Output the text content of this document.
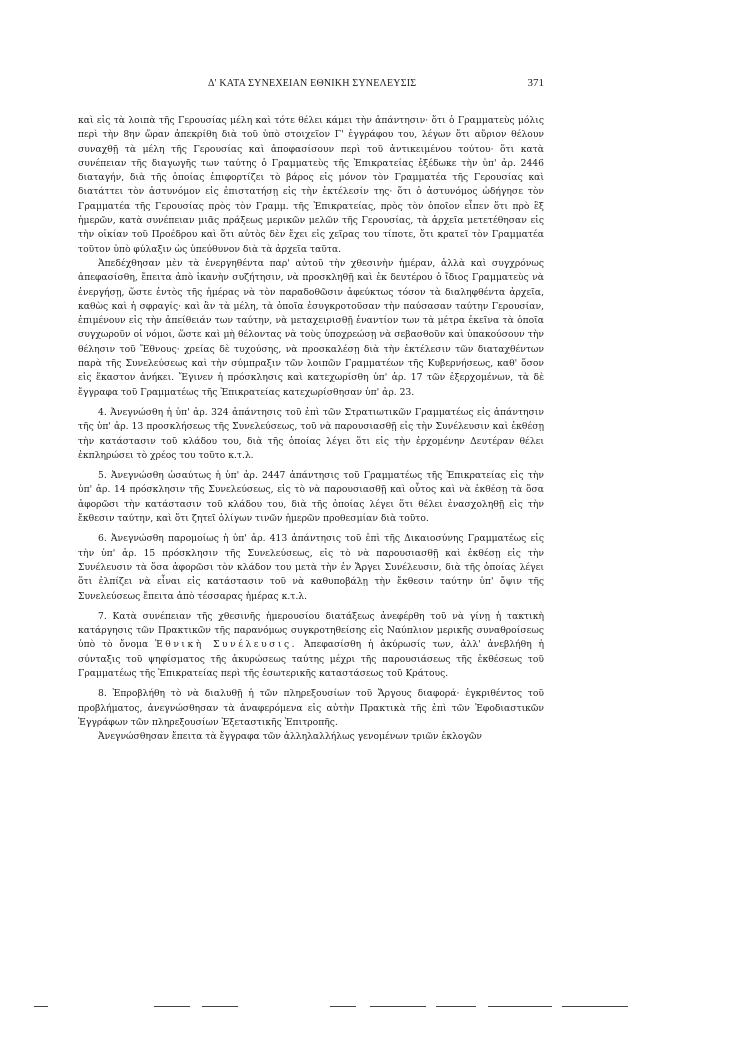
Δ' ΚΑΤΑ ΣΥΝΕΧΕΙΑΝ ΕΘΝΙΚΗ ΣΥΝΕΛΕΥΣΙΣ	371

καὶ εἰς τὰ λοιπὰ τῆς Γερουσίας μέλη καὶ τότε θέλει κάμει τὴν ἀπάντησιν· ὅτι ὁ Γραμματεὺς μόλις περὶ τὴν 8ην ὥραν ἀπεκρίθη διὰ τοῦ ὑπὸ στοιχεῖον Γ' ἐγγράφου του, λέγων ὅτι αὔριον θέλουν συναχθῇ τὰ μέλη τῆς Γερουσίας καὶ ἀποφασίσουν περὶ τοῦ ἀντικειμένου τούτου· ὅτι κατὰ συνέπειαν τῆς διαγωγῆς των ταύτης ὁ Γραμματεὺς τῆς Ἐπικρατείας ἐξέδωκε τὴν ὑπ' ἀρ. 2446 διαταγήν, διὰ τῆς ὁποίας ἐπιφορτίζει τὸ βάρος εἰς μόνον τὸν Γραμματέα τῆς Γερουσίας καὶ διατάττει τὸν ἀστυνόμον εἰς ἐπιστατήσῃ εἰς τὴν ἐκτέλεσίν της· ὅτι ὁ ἀστυνόμος ὡδήγησε τὸν Γραμματέα τῆς Γερουσίας πρὸς τὸν Γραμμ. τῆς Ἐπικρατείας, πρὸς τὸν ὁποῖον εἶπεν ὅτι πρὸ ἓξ ἡμερῶν, κατὰ συνέπειαν μιᾶς πράξεως μερικῶν μελῶν τῆς Γερουσίας, τὰ ἀρχεῖα μετετέθησαν εἰς τὴν οἰκίαν τοῦ Προέδρου καὶ ὅτι αὐτὸς δὲν ἔχει εἰς χεῖρας του τίποτε, ὅτι κρατεῖ τὸν Γραμματέα τοῦτον ὑπὸ φύλαξιν ὡς ὑπεύθυνον διὰ τὰ ἀρχεῖα ταῦτα.

Ἀπεδέχθησαν μὲν τὰ ἐνεργηθέντα παρ' αὐτοῦ τὴν χθεσινὴν ἡμέραν, ἀλλὰ καὶ συγχρόνως ἀπεφασίσθη, ἔπειτα ἀπὸ ἱκανὴν συζήτησιν, νὰ προσκληθῇ καὶ ἐκ δευτέρου ὁ ἴδιος Γραμματεὺς νὰ ἐνεργήσῃ, ὥστε ἐντὸς τῆς ἡμέρας νὰ τὸν παραδοθῶσιν ἀφεύκτως τόσον τὰ διαληφθέντα ἀρχεῖα, καθὼς καὶ ἡ σφραγίς· καὶ ἂν τὰ μέλη, τὰ ὁποῖα ἐσυγκροτοῦσαν τὴν παύσασαν ταύτην Γερουσίαν, ἐπιμένουν εἰς τὴν ἀπείθειάν των ταύτην, νὰ μεταχειρισθῇ ἐναντίον των τὰ μέτρα ἐκεῖνα τὰ ὁποῖα συγχωροῦν οἱ νόμοι, ὥστε καὶ μὴ θέλοντας νὰ τοὺς ὑποχρεώσῃ νὰ σεβασθοῦν καὶ ὑπακούσουν τὴν θέλησιν τοῦ Ἔθνους· χρείας δὲ τυχούσης, νὰ προσκαλέσῃ διὰ τὴν ἐκτέλεσιν τῶν διαταχθέντων παρὰ τῆς Συνελεύσεως καὶ τὴν σύμπραξιν τῶν λοιπῶν Γραμματέων τῆς Κυβερνήσεως, καθ' ὅσον εἰς ἕκαστον ἀνήκει. Ἔγινεν ἡ πρόσκλησις καὶ κατεχωρίσθη ὑπ' ἀρ. 17 τῶν ἐξερχομένων, τὰ δὲ ἔγγραφα τοῦ Γραμματέως τῆς Ἐπικρατείας κατεχωρίσθησαν ὑπ' ἀρ. 23.

4. Ἀνεγνώσθη ἡ ὑπ' ἀρ. 324 ἀπάντησις τοῦ ἐπὶ τῶν Στρατιωτικῶν Γραμματέως εἰς ἀπάντησιν τῆς ὑπ' ἀρ. 13 προσκλήσεως τῆς Συνελεύσεως, τοῦ νὰ παρουσιασθῇ εἰς τὴν Συνέλευσιν καὶ ἐκθέσῃ τὴν κατάστασιν τοῦ κλάδου του, διὰ τῆς ὁποίας λέγει ὅτι εἰς τὴν ἐρχομένην Δευτέραν θέλει ἐκπληρώσει τὸ χρέος του τοῦτο κ.τ.λ.

5. Ἀνεγνώσθη ὡσαύτως ἡ ὑπ' ἀρ. 2447 ἀπάντησις τοῦ Γραμματέως τῆς Ἐπικρατείας εἰς τὴν ὑπ' ἀρ. 14 πρόσκλησιν τῆς Συνελεύσεως, εἰς τὸ νὰ παρουσιασθῇ καὶ οὗτος καὶ νὰ ἐκθέσῃ τὰ ὅσα ἀφορῶσι τὴν κατάστασιν τοῦ κλάδου του, διὰ τῆς ὁποίας λέγει ὅτι θέλει ἐνασχοληθῇ εἰς τὴν ἔκθεσιν ταύτην, καὶ ὅτι ζητεῖ ὀλίγων τινῶν ἡμερῶν προθεσμίαν διὰ τοῦτο.

6. Ἀνεγνώσθη παρομοίως ἡ ὑπ' ἀρ. 413 ἀπάντησις τοῦ ἐπὶ τῆς Δικαιοσύνης Γραμματέως εἰς τὴν ὑπ' ἀρ. 15 πρόσκλησιν τῆς Συνελεύσεως, εἰς τὸ νὰ παρουσιασθῇ καὶ ἐκθέσῃ εἰς τὴν Συνέλευσιν τὰ ὅσα ἀφορῶσι τὸν κλάδον του μετὰ τὴν ἐν Ἄργει Συνέλευσιν, διὰ τῆς ὁποίας λέγει ὅτι ἐλπίζει νὰ εἶναι εἰς κατάστασιν τοῦ νὰ καθυποβάλῃ τὴν ἔκθεσιν ταύτην ὑπ' ὄψιν τῆς Συνελεύσεως ἔπειτα ἀπὸ τέσσαρας ἡμέρας κ.τ.λ.

7. Κατὰ συνέπειαν τῆς χθεσινῆς ἡμερουσίου διατάξεως ἀνεφέρθη τοῦ νὰ γίνῃ ἡ τακτικὴ κατάργησις τῶν Πρακτικῶν τῆς παρανόμως συγκροτηθείσης εἰς Ναύπλιον μερικῆς συναθροίσεως ὑπὸ τὸ ὄνομα Ἐθνικὴ Συνέλευσις. Ἀπεφασίσθη ἡ ἀκύρωσίς των, ἀλλ' ἀνεβλήθη ἡ σύνταξις τοῦ ψηφίσματος τῆς ἀκυρώσεως ταύτης μέχρι τῆς παρουσιάσεως τῆς ἐκθέσεως τοῦ Γραμματέως τῆς Ἐπικρατείας περὶ τῆς ἐσωτερικῆς καταστάσεως τοῦ Κράτους.

8. Ἐπροβλήθη τὸ νὰ διαλυθῇ ἡ τῶν πληρεξουσίων τοῦ Ἄργους διαφορά· ἐγκριθέντος τοῦ προβλήματος, ἀνεγνώσθησαν τὰ ἀναφερόμενα εἰς αὐτὴν Πρακτικὰ τῆς ἐπὶ τῶν Ἐφοδιαστικῶν Ἐγγράφων τῶν πληρεξουσίων Ἐξεταστικῆς Ἐπιτροπῆς.

Ἀνεγνώσθησαν ἔπειτα τὰ ἔγγραφα τῶν ἀλληλαλλήλως γενομένων τριῶν ἐκλογῶν
